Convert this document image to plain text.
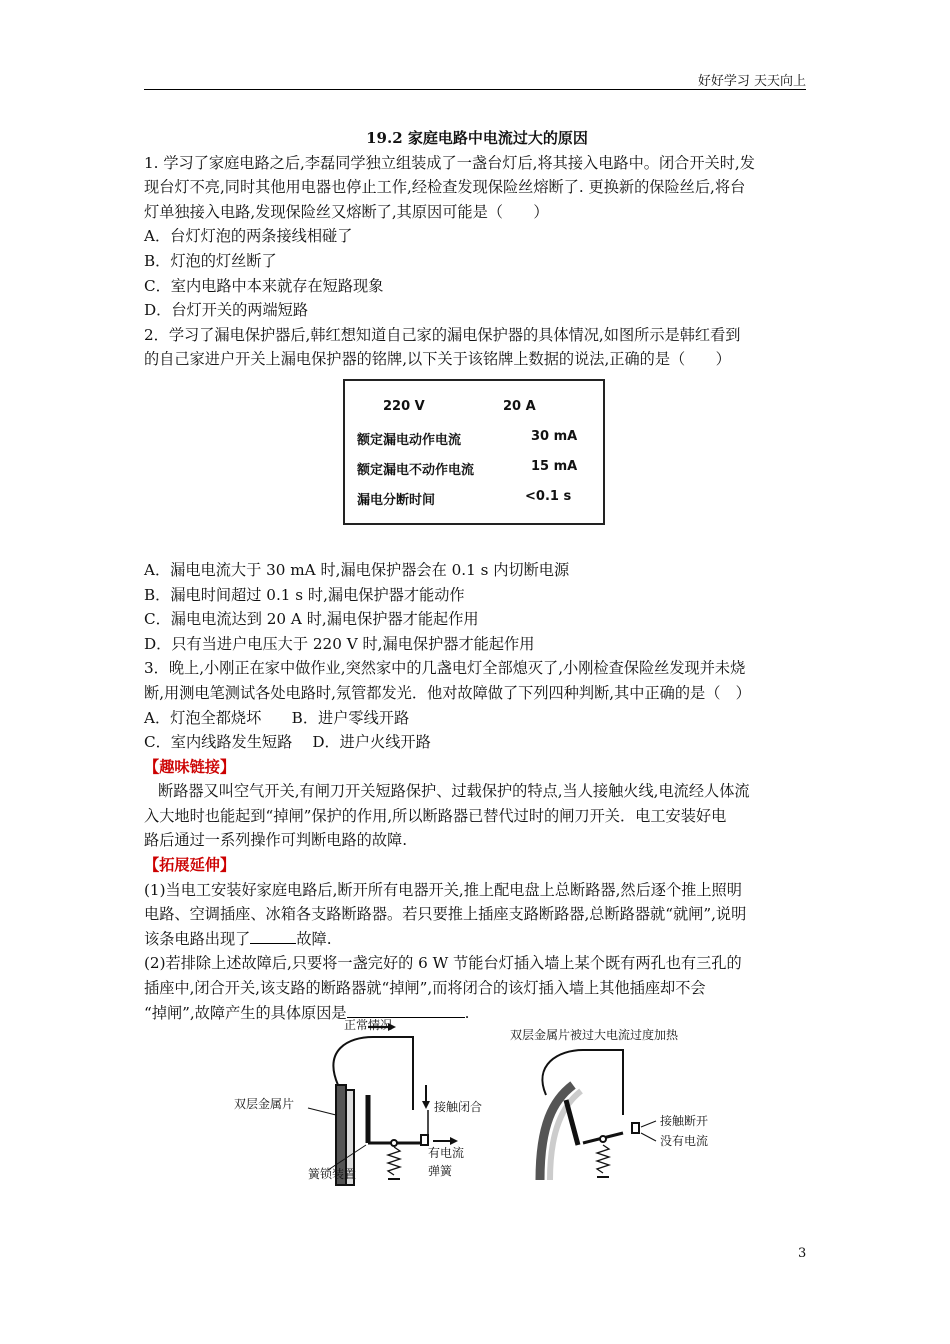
好好学习 天天向上

19.2 家庭电路中电流过大的原因

1. 学习了家庭电路之后,李磊同学独立组装成了一盏台灯后,将其接入电路中。闭合开关时,发

现台灯不亮,同时其他用电器也停止工作,经检查发现保险丝熔断了. 更换新的保险丝后,将台

灯单独接入电路,发现保险丝又熔断了,其原因可能是（　　）

A．台灯灯泡的两条接线相碰了

B．灯泡的灯丝断了

C．室内电路中本来就存在短路现象

D．台灯开关的两端短路

2．学习了漏电保护器后,韩红想知道自己家的漏电保护器的具体情况,如图所示是韩红看到

的自己家进户开关上漏电保护器的铭牌,以下关于该铭牌上数据的说法,正确的是（　　）

A．漏电电流大于 30 mA 时,漏电保护器会在 0.1 s 内切断电源

B．漏电时间超过 0.1 s 时,漏电保护器才能动作

C．漏电电流达到 20 A 时,漏电保护器才能起作用

D．只有当进户电压大于 220 V 时,漏电保护器才能起作用

3．晚上,小刚正在家中做作业,突然家中的几盏电灯全部熄灭了,小刚检查保险丝发现并未烧

断,用测电笔测试各处电路时,氖管都发光．他对故障做了下列四种判断,其中正确的是（　）

A．灯泡全都烧坏　　B．进户零线开路

C．室内线路发生短路　 D．进户火线开路

【趣味链接】

断路器又叫空气开关,有闸刀开关短路保护、过载保护的特点,当人接触火线,电流经人体流

入大地时也能起到“掉闸”保护的作用,所以断路器已替代过时的闸刀开关．电工安装好电

路后通过一系列操作可判断电路的故障.

【拓展延伸】

(1)当电工安装好家庭电路后,断开所有电器开关,推上配电盘上总断路器,然后逐个推上照明

电路、空调插座、冰箱各支路断路器。若只要推上插座支路断路器,总断路器就“就闸”,说明

该条电路出现了	故障.

(2)若排除上述故障后,只要将一盏完好的 6 W 节能台灯插入墙上某个既有两孔也有三孔的

插座中,闭合开关,该支路的断路器就“掉闸”,而将闭合的该灯插入墙上其他插座却不会

“掉闸”,故障产生的具体原因是	.

220 V	20 A
额定漏电动作电流	30 mA
额定漏电不动作电流	15 mA
漏电分断时间	<0.1 s
正常情况
双层金属片	接触闭合
有电流
弹簧
簧锁装置
双层金属片被过大电流过度加热
接触断开
没有电流
3
